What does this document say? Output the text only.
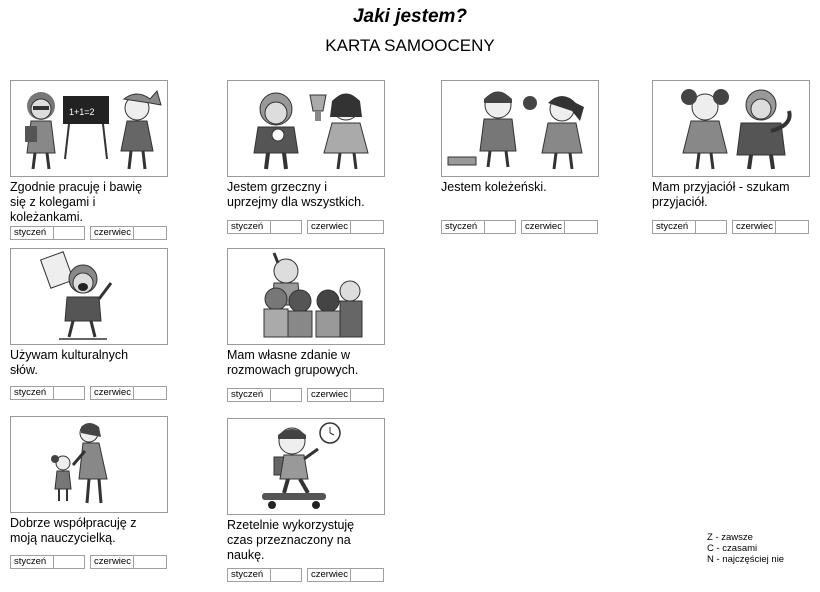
Jaki jestem?
KARTA SAMOOCENY
1+1=2
Zgodnie pracuję i bawię się z kolegami i koleżankami.
styczeń	czerwiec
Jestem grzeczny i uprzejmy dla wszystkich.
styczeń	czerwiec
Jestem koleżeński.
styczeń	czerwiec
Mam przyjaciół - szukam przyjaciół.
styczeń	czerwiec
Używam kulturalnych słów.
styczeń	czerwiec
Mam własne zdanie w rozmowach grupowych.
styczeń	czerwiec
Dobrze współpracuję z moją nauczycielką.
styczeń	czerwiec
Rzetelnie wykorzystuję czas przeznaczony na naukę.
styczeń	czerwiec
Z - zawsze
C - czasami
N - najczęściej nie
